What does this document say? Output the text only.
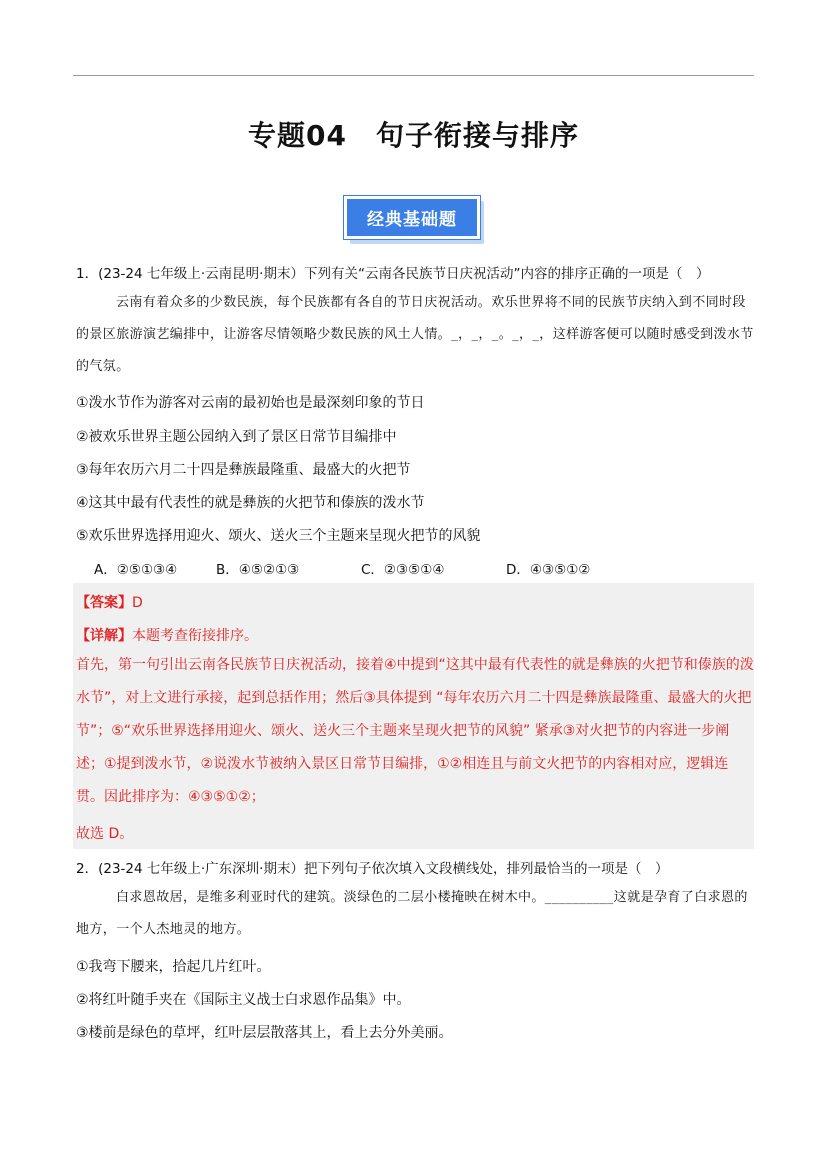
专题04　句子衔接与排序
经典基础题
1．(23-24 七年级上·云南昆明·期末）下列有关“云南各民族节日庆祝活动”内容的排序正确的一项是（　）
云南有着众多的少数民族，每个民族都有各自的节日庆祝活动。欢乐世界将不同的民族节庆纳入到不同时段的景区旅游演艺编排中，让游客尽情领略少数民族的风土人情。_，_，_。_，_，这样游客便可以随时感受到泼水节的气氛。
①泼水节作为游客对云南的最初始也是最深刻印象的节日
②被欢乐世界主题公园纳入到了景区日常节目编排中
③每年农历六月二十四是彝族最隆重、最盛大的火把节
④这其中最有代表性的就是彝族的火把节和傣族的泼水节
⑤欢乐世界选择用迎火、颂火、送火三个主题来呈现火把节的风貌
A．②⑤①③④	B．④⑤②①③	C．②③⑤①④	D．④③⑤①②
【答案】D
【详解】本题考查衔接排序。
首先，第一句引出云南各民族节日庆祝活动，接着④中提到“这其中最有代表性的就是彝族的火把节和傣族的泼水节”，对上文进行承接，起到总括作用；然后③具体提到 “每年农历六月二十四是彝族最隆重、最盛大的火把节”；⑤“欢乐世界选择用迎火、颂火、送火三个主题来呈现火把节的风貌” 紧承③对火把节的内容进一步阐述；①提到泼水节，②说泼水节被纳入景区日常节目编排，①②相连且与前文火把节的内容相对应，逻辑连贯。因此排序为：④③⑤①②；
故选 D。
2．(23-24 七年级上·广东深圳·期末）把下列句子依次填入文段横线处，排列最恰当的一项是（　）
白求恩故居，是维多利亚时代的建筑。淡绿色的二层小楼掩映在树木中。__________这就是孕育了白求恩的地方，一个人杰地灵的地方。
①我弯下腰来，拾起几片红叶。
②将红叶随手夹在《国际主义战士白求恩作品集》中。
③楼前是绿色的草坪，红叶层层散落其上，看上去分外美丽。
